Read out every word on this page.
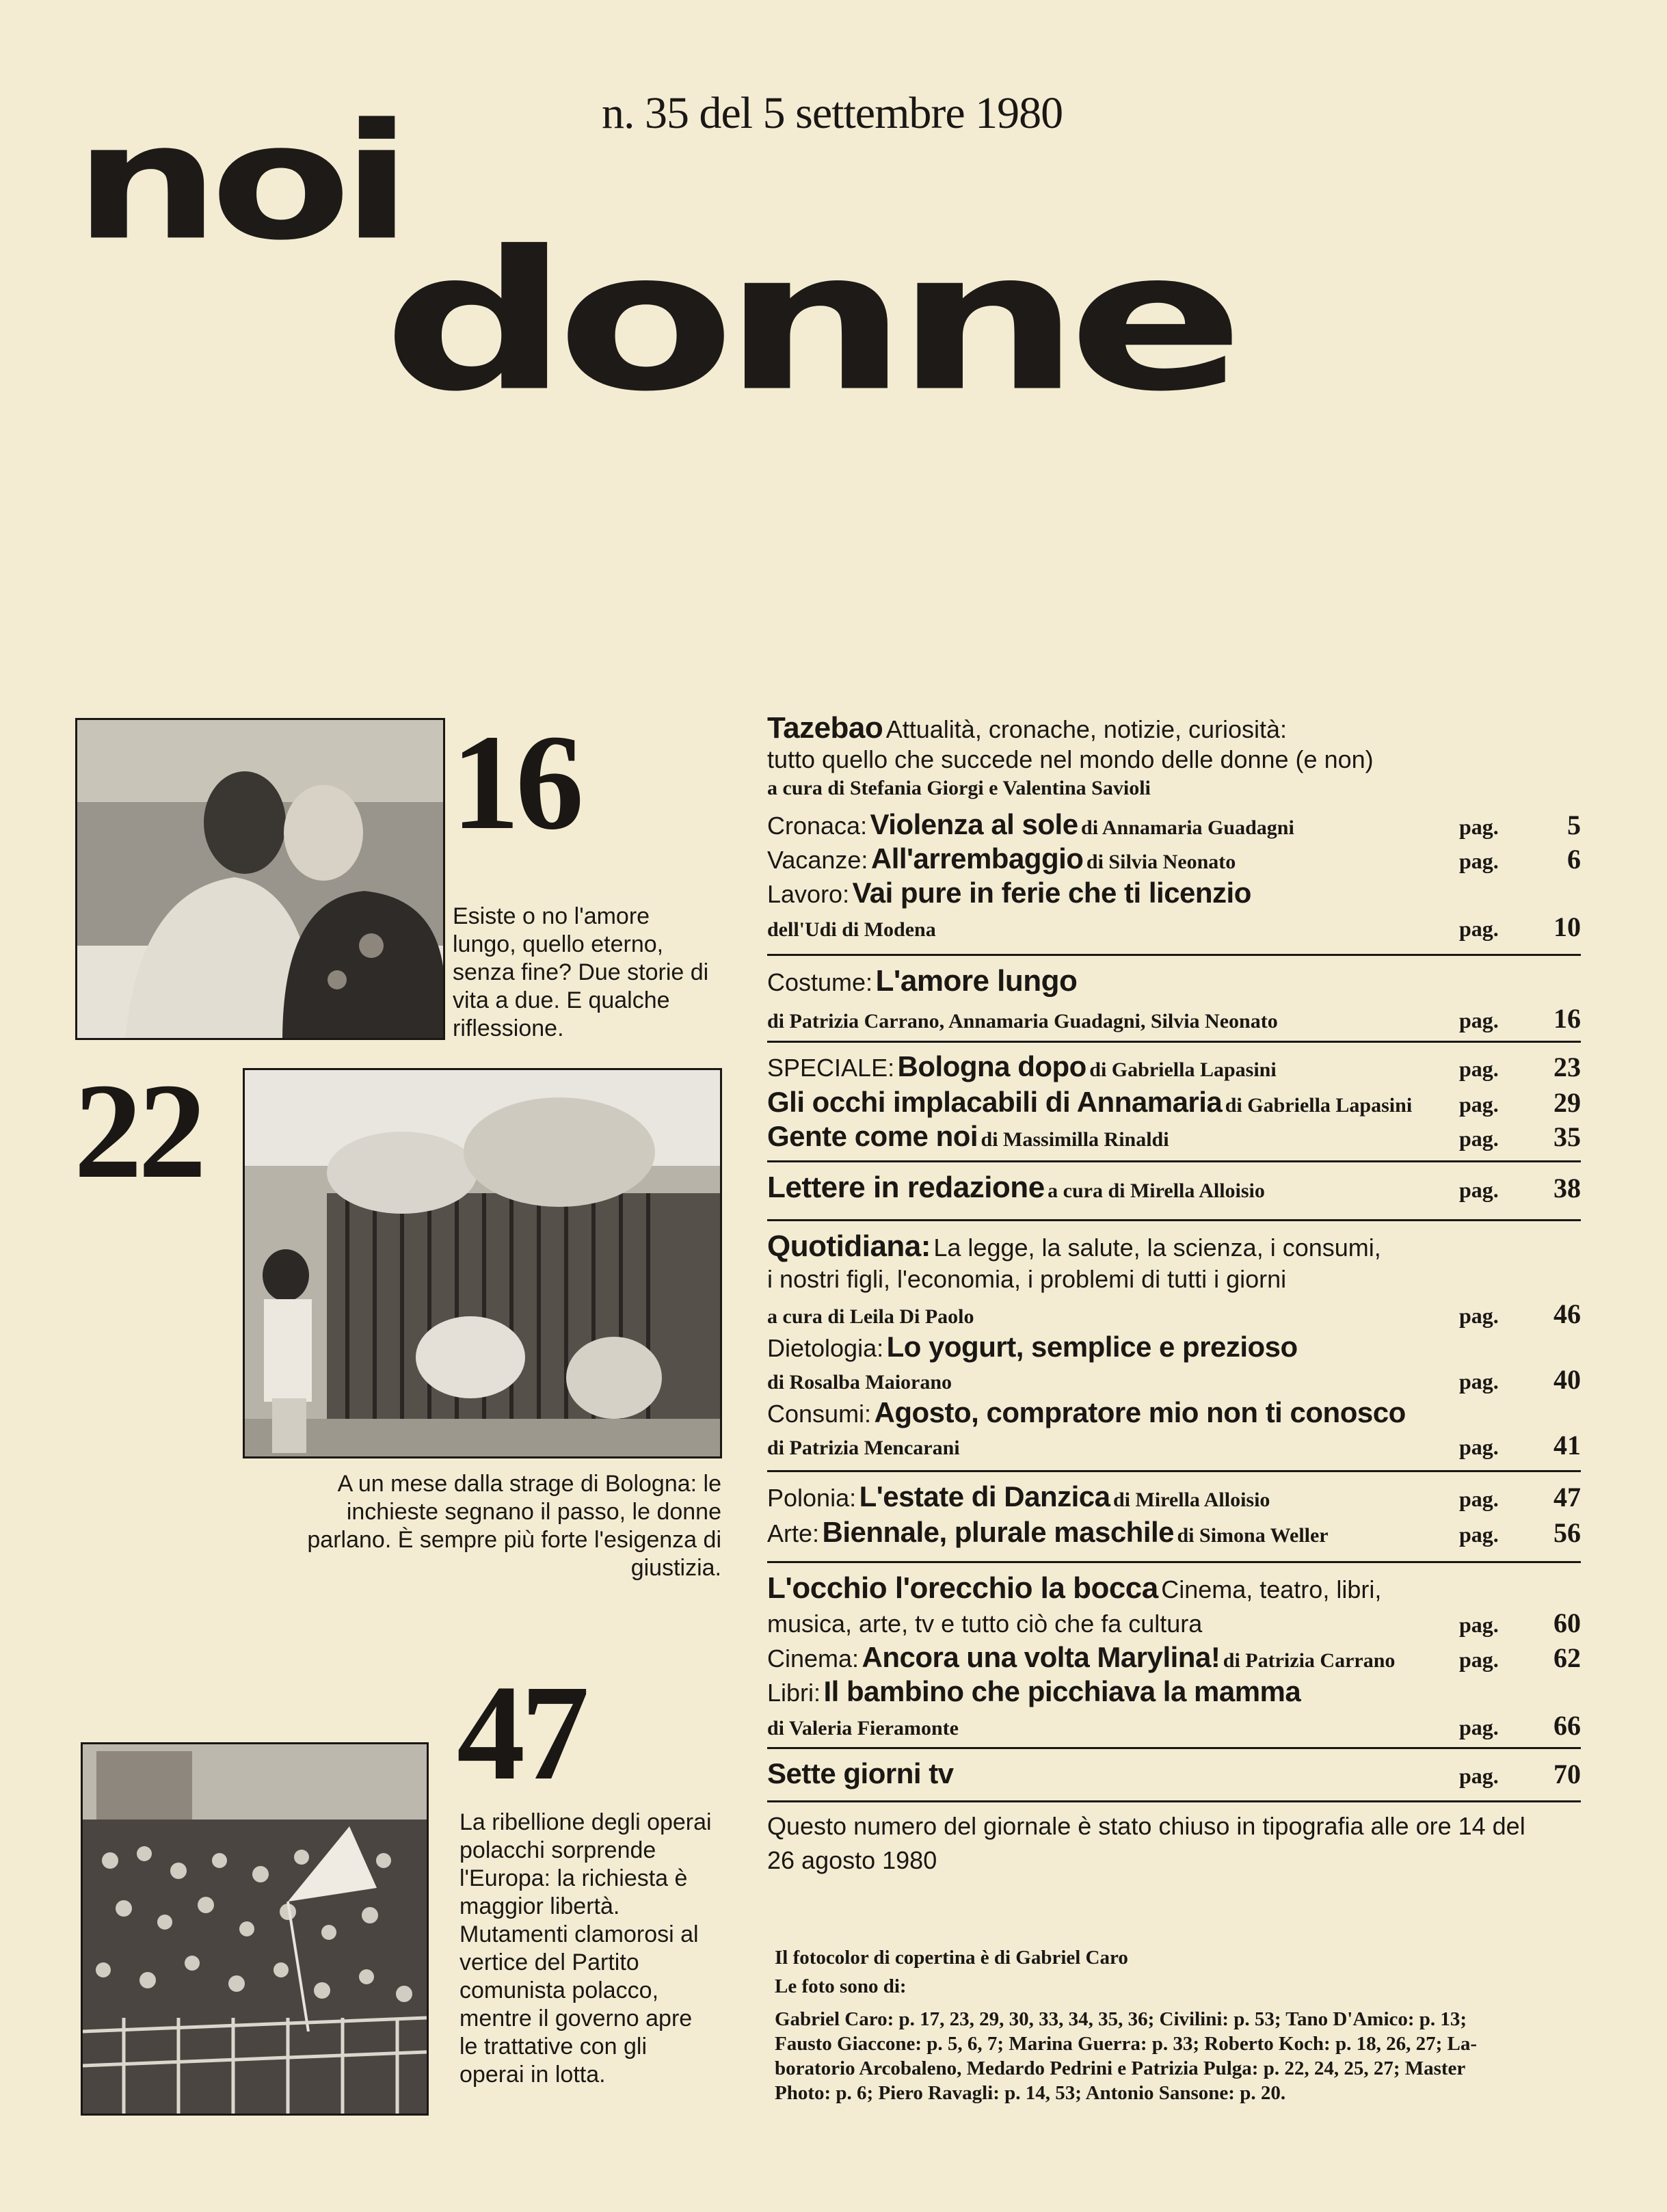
noi
donne
n. 35 del 5 settembre 1980
16
Esiste o no l'amore lungo, quello eterno, senza fine? Due storie di vita a due. E qualche riflessione.
22
A un mese dalla strage di Bologna: le inchieste segnano il passo, le donne parlano. È sempre più forte l'esigenza di giustizia.
47
La ribellione degli operai polacchi sorprende l'Europa: la richiesta è maggior libertà. Mutamenti clamorosi al vertice del Partito comunista polacco, mentre il governo apre le trattative con gli operai in lotta.
Tazebao Attualità, cronache, notizie, curiosità:
tutto quello che succede nel mondo delle donne (e non)
a cura di Stefania Giorgi e Valentina Savioli
Cronaca: Violenza al sole di Annamaria Guadagni	pag.	5
Vacanze: All'arrembaggio di Silvia Neonato	pag.	6
Lavoro: Vai pure in ferie che ti licenzio
dell'Udi di Modena	pag.	10
Costume: L'amore lungo
di Patrizia Carrano, Annamaria Guadagni, Silvia Neonato	pag.	16
SPECIALE: Bologna dopo di Gabriella Lapasini	pag.	23
Gli occhi implacabili di Annamaria di Gabriella Lapasini	pag.	29
Gente come noi di Massimilla Rinaldi	pag.	35
Lettere in redazione a cura di Mirella Alloisio	pag.	38
Quotidiana: La legge, la salute, la scienza, i consumi,
i nostri figli, l'economia, i problemi di tutti i giorni
a cura di Leila Di Paolo	pag.	46
Dietologia: Lo yogurt, semplice e prezioso
di Rosalba Maiorano	pag.	40
Consumi: Agosto, compratore mio non ti conosco
di Patrizia Mencarani	pag.	41
Polonia: L'estate di Danzica di Mirella Alloisio	pag.	47
Arte: Biennale, plurale maschile di Simona Weller	pag.	56
L'occhio l'orecchio la bocca Cinema, teatro, libri,
musica, arte, tv e tutto ciò che fa cultura	pag.	60
Cinema: Ancora una volta Marylina! di Patrizia Carrano	pag.	62
Libri: Il bambino che picchiava la mamma
di Valeria Fieramonte	pag.	66
Sette giorni tv	pag.	70
Questo numero del giornale è stato chiuso in tipografia alle ore 14 del
26 agosto 1980
Il fotocolor di copertina è di Gabriel Caro
Le foto sono di:
Gabriel Caro: p. 17, 23, 29, 30, 33, 34, 35, 36; Civilini: p. 53; Tano D'Amico: p. 13;
Fausto Giaccone: p. 5, 6, 7; Marina Guerra: p. 33; Roberto Koch: p. 18, 26, 27; La-
boratorio Arcobaleno, Medardo Pedrini e Patrizia Pulga: p. 22, 24, 25, 27; Master
Photo: p. 6; Piero Ravagli: p. 14, 53; Antonio Sansone: p. 20.
